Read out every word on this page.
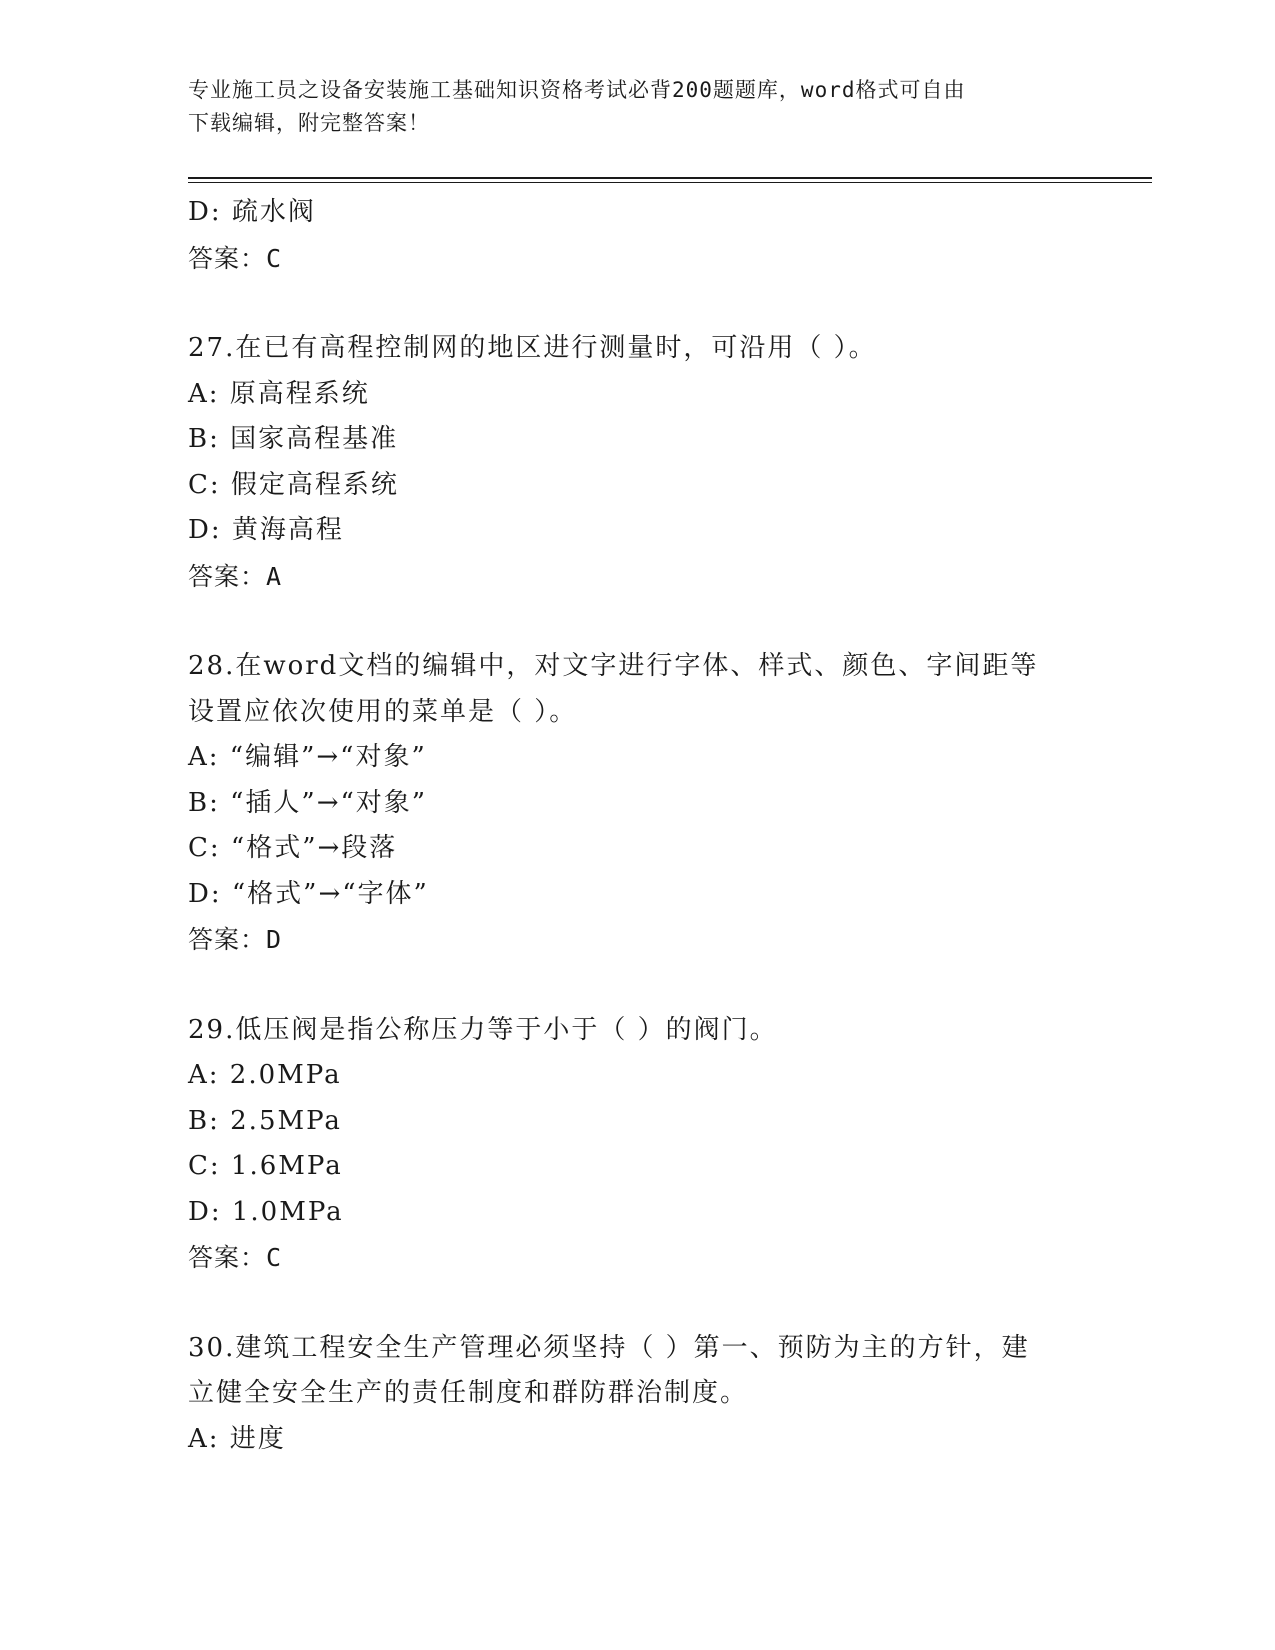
专业施工员之设备安装施工基础知识资格考试必背200题题库，word格式可自由
下载编辑，附完整答案！
D: 疏水阀
答案：C
27.在已有高程控制网的地区进行测量时，可沿用（ ）。
A: 原高程系统
B: 国家高程基准
C: 假定高程系统
D: 黄海高程
答案：A
28.在word文档的编辑中，对文字进行字体、样式、颜色、字间距等
设置应依次使用的菜单是（ ）。
A: “编辑”→“对象”
B: “插人”→“对象”
C: “格式”→段落
D: “格式”→“字体”
答案：D
29.低压阀是指公称压力等于小于（ ）的阀门。
A: 2.0MPa
B: 2.5MPa
C: 1.6MPa
D: 1.0MPa
答案：C
30.建筑工程安全生产管理必须坚持（ ）第一、预防为主的方针，建
立健全安全生产的责任制度和群防群治制度。
A: 进度
